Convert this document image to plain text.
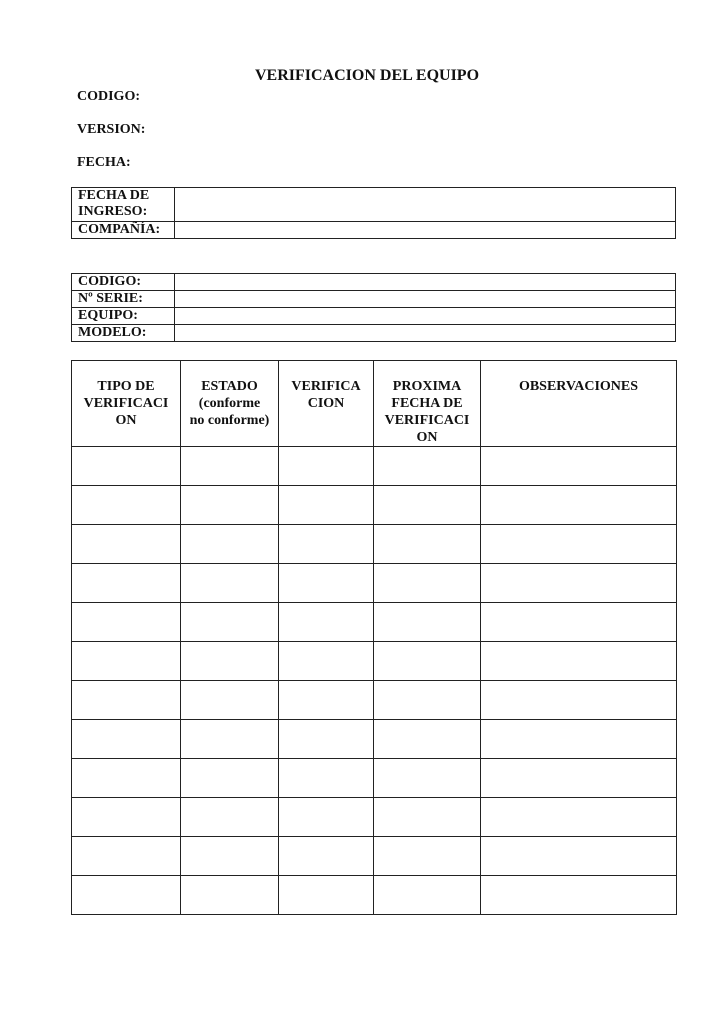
VERIFICACION DEL EQUIPO
CODIGO:
VERSION:
FECHA:
FECHA DE
INGRESO:	

COMPAÑÍA:	
CODIGO:	
Nº SERIE:	
EQUIPO:	
MODELO:	
TIPO DE
VERIFICACI
ON	ESTADO
(conforme
no conforme)	VERIFICA
CION	PROXIMA
FECHA DE
VERIFICACI
ON	OBSERVACIONES
